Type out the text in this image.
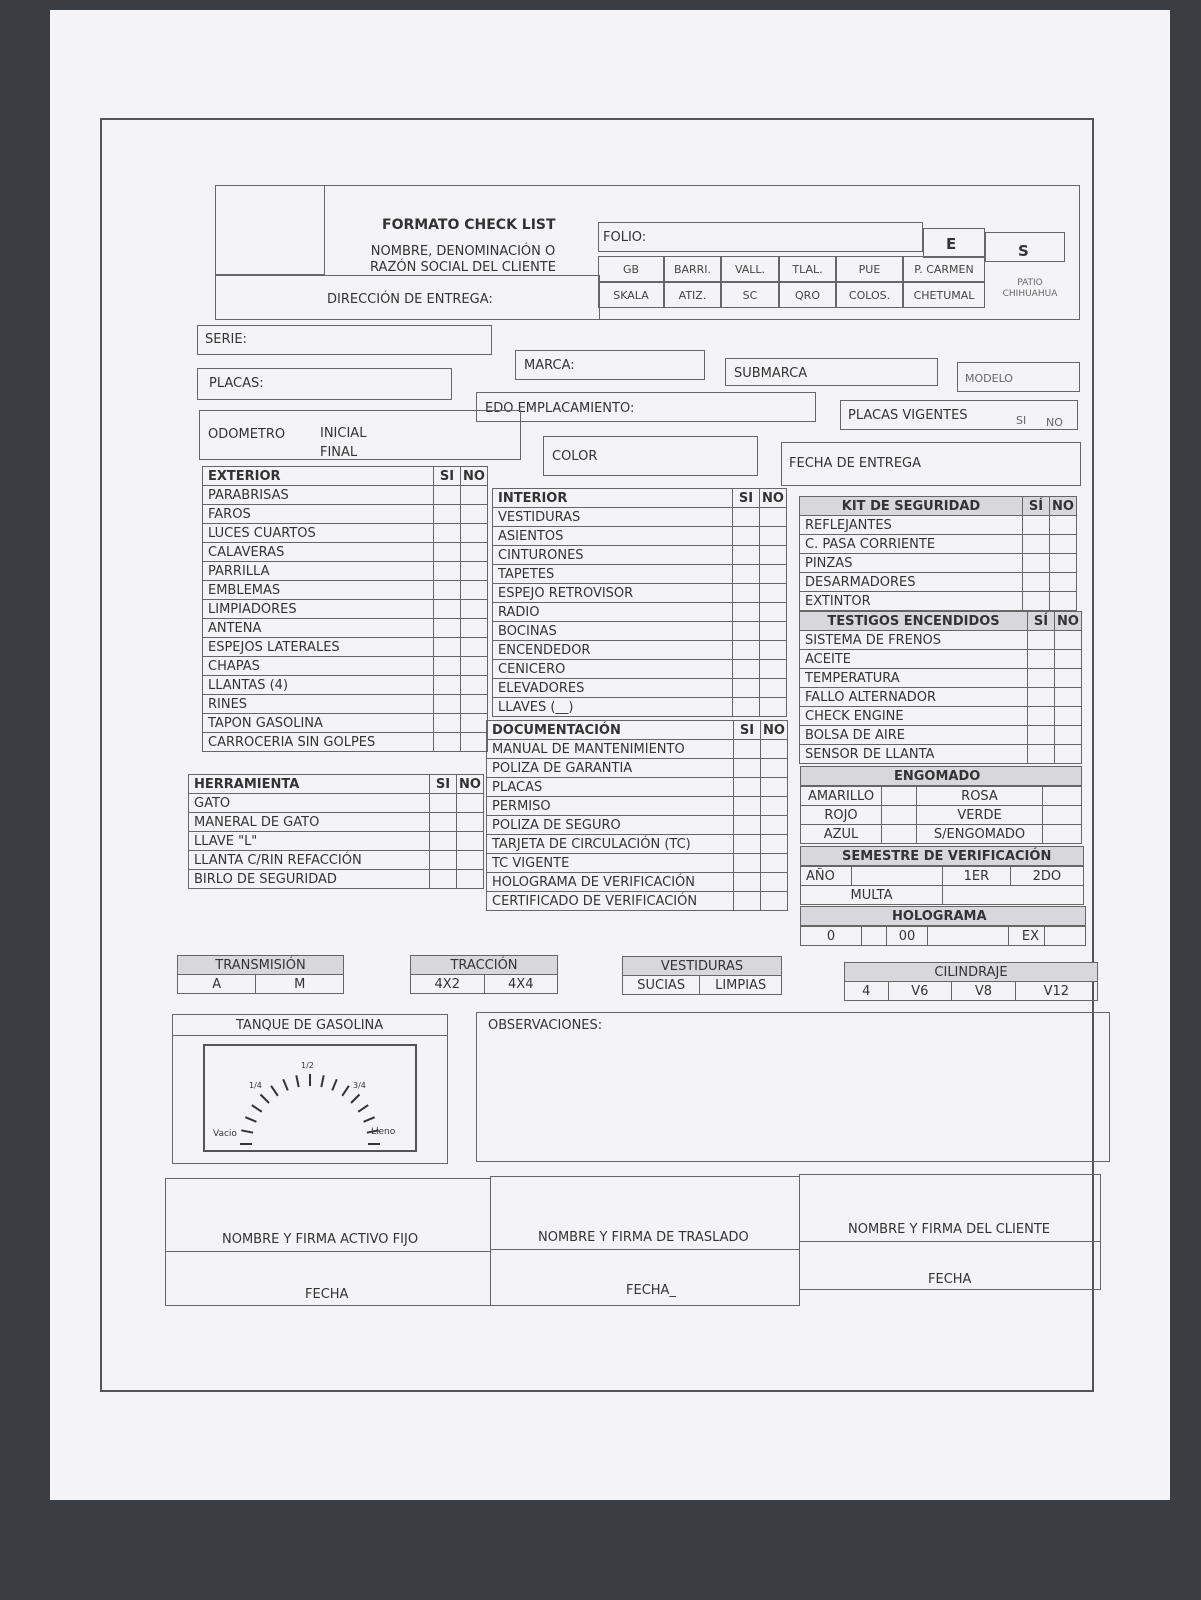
FORMATO CHECK LIST
NOMBRE, DENOMINACIÓN O RAZÓN SOCIAL DEL CLIENTE
FOLIO:	E	S
GB	BARRI.	VALL.	TLAL.	PUE	P. CARMEN
SKALA	ATIZ.	SC	QRO	COLOS.	CHETUMAL
PATIO CHIHUAHUA
DIRECCIÓN DE ENTREGA:
SERIE:
MARCA:
SUBMARCA	MODELO
PLACAS:
EDO EMPLACAMIENTO:	PLACAS VIGENTES	SI NO
ODOMETRO	INICIAL
FINAL	COLOR	FECHA DE ENTREGA
EXTERIOR	SI	NO
PARABRISAS		
FAROS		
LUCES CUARTOS		
CALAVERAS		
PARRILLA		
EMBLEMAS		
LIMPIADORES		
ANTENA		
ESPEJOS LATERALES		
CHAPAS		
LLANTAS (4)		
RINES		
TAPON GASOLINA		
CARROCERIA SIN GOLPES		
HERRAMIENTA	SI	NO
GATO		
MANERAL DE GATO		
LLAVE "L"		
LLANTA C/RIN REFACCIÓN		
BIRLO DE SEGURIDAD		
INTERIOR	SI	NO
VESTIDURAS		
ASIENTOS		
CINTURONES		
TAPETES		
ESPEJO RETROVISOR		
RADIO		
BOCINAS		
ENCENDEDOR		
CENICERO		
ELEVADORES		
LLAVES (__)		
DOCUMENTACIÓN	SI	NO
MANUAL DE MANTENIMIENTO		
POLIZA DE GARANTIA		
PLACAS		
PERMISO		
POLIZA DE SEGURO		
TARJETA DE CIRCULACIÓN (TC)		
TC VIGENTE		
HOLOGRAMA DE VERIFICACIÓN		
CERTIFICADO DE VERIFICACIÓN		
KIT DE SEGURIDAD	SÍ	NO
REFLEJANTES		
C. PASA CORRIENTE		
PINZAS		
DESARMADORES		
EXTINTOR		
TESTIGOS ENCENDIDOS	SÍ	NO
SISTEMA DE FRENOS		
ACEITE		
TEMPERATURA		
FALLO ALTERNADOR		
CHECK ENGINE		
BOLSA DE AIRE		
SENSOR DE LLANTA		
ENGOMADO
AMARILLO		ROSA	
ROJO		VERDE	
AZUL		S/ENGOMADO	
SEMESTRE DE VERIFICACIÓN
AÑO		1ER	2DO
MULTA			
HOLOGRAMA
0		00		EX	
TRANSMISIÓN
A	M
TRACCIÓN
4X2	4X4
VESTIDURAS
SUCIAS	LIMPIAS
CILINDRAJE
4	V6	V8	V12
TANQUE DE GASOLINA
Vacio	Lleno
1/4
1/2
3/4
OBSERVACIONES:
NOMBRE Y FIRMA ACTIVO FIJO
FECHA
NOMBRE Y FIRMA DE TRASLADO
FECHA_
NOMBRE Y FIRMA DEL CLIENTE
FECHA
